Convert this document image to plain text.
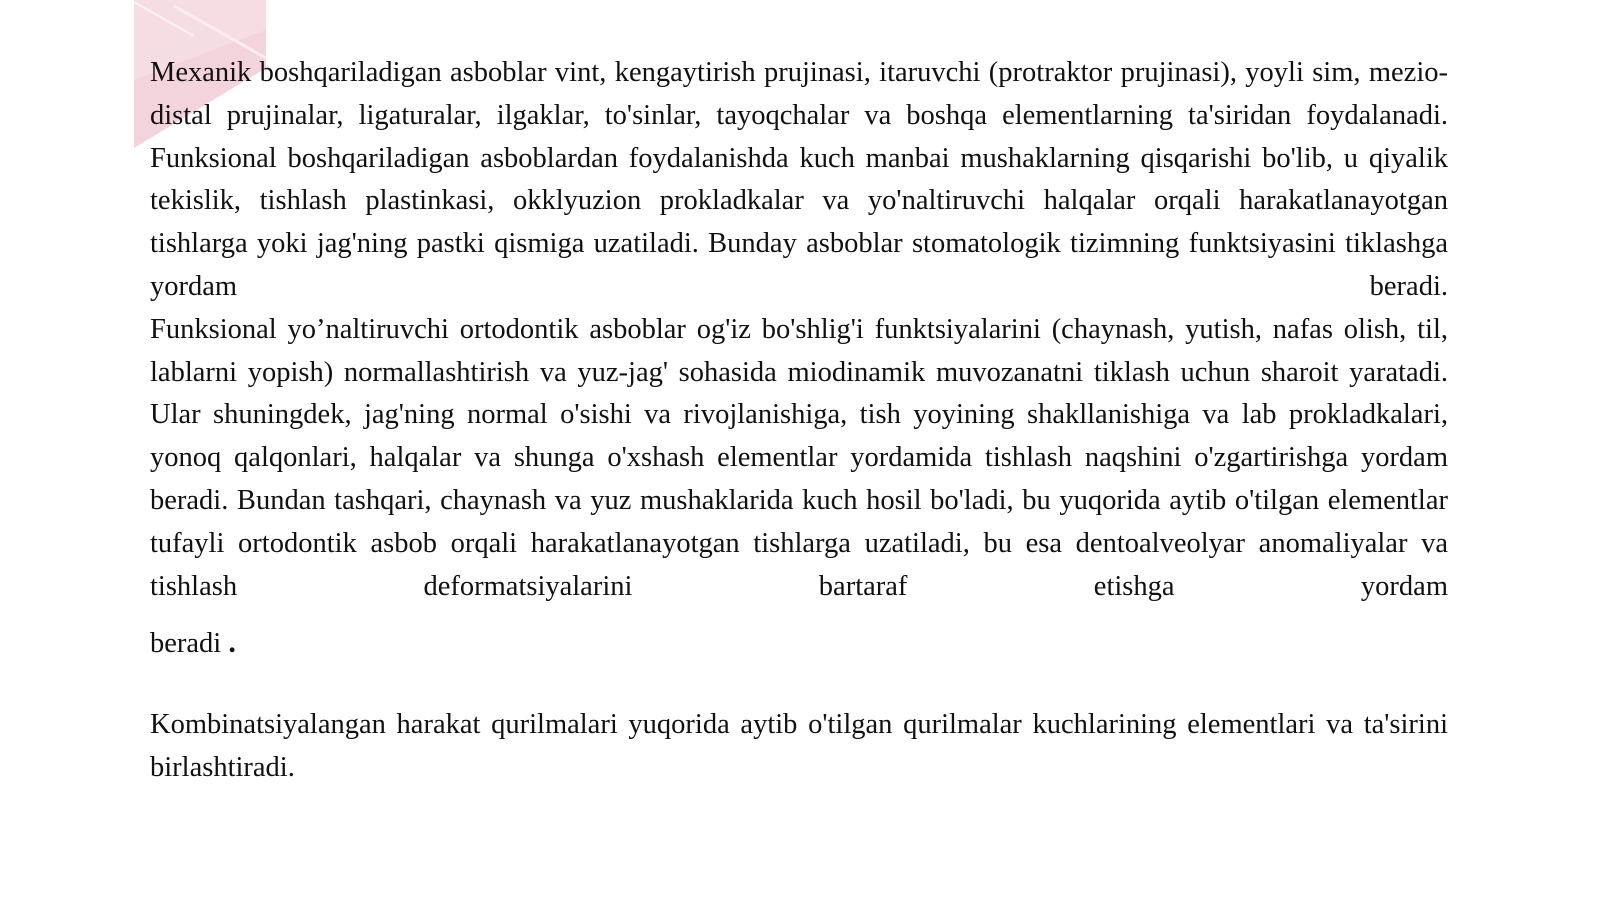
Mexanik boshqariladigan asboblar vint, kengaytirish prujinasi, itaruvchi (protraktor prujinasi), yoyli sim, mezio-distal prujinalar, ligaturalar, ilgaklar, to'sinlar, tayoqchalar va boshqa elementlarning ta'siridan foydalanadi.

Funksional boshqariladigan asboblardan foydalanishda kuch manbai mushaklarning qisqarishi bo'lib, u qiyalik tekislik, tishlash plastinkasi, okklyuzion prokladkalar va yo'naltiruvchi halqalar orqali harakatlanayotgan tishlarga yoki jag'ning pastki qismiga uzatiladi. Bunday asboblar stomatologik tizimning funktsiyasini tiklashga yordam	beradi.

Funksional yo’naltiruvchi ortodontik asboblar og'iz bo'shlig'i funktsiyalarini (chaynash, yutish, nafas olish, til, lablarni yopish) normallashtirish va yuz-jag' sohasida miodinamik muvozanatni tiklash uchun sharoit yaratadi. Ular shuningdek, jag'ning normal o'sishi va rivojlanishiga, tish yoyining shakllanishiga va lab prokladkalari, yonoq qalqonlari, halqalar va shunga o'xshash elementlar yordamida tishlash naqshini o'zgartirishga yordam beradi. Bundan tashqari, chaynash va yuz mushaklarida kuch hosil bo'ladi, bu yuqorida aytib o'tilgan elementlar tufayli ortodontik asbob orqali harakatlanayotgan tishlarga uzatiladi, bu esa dentoalveolyar anomaliyalar va tishlash deformatsiyalarini bartaraf etishga yordam

beradi .

Kombinatsiyalangan harakat qurilmalari yuqorida aytib o'tilgan qurilmalar kuchlarining elementlari va ta'sirini birlashtiradi.
